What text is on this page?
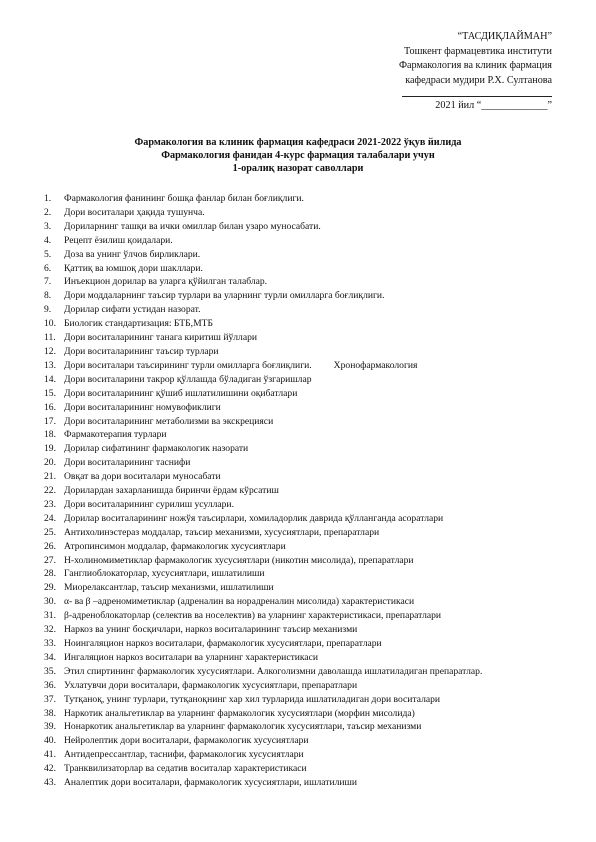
“ТАСДИҚЛАЙМАН”
Тошкент фармацевтика институти
Фармакология ва клиник фармация
кафедраси мудири Р.Х. Султанова
2021 йил “_____________”
Фармакология ва клиник фармация кафедраси 2021-2022 ўқув йилида
Фармакология фанидан 4-курс фармация талабалари учун
1-оралиқ назорат саволлари
1.	Фармакология фанининг бошқа фанлар билан боғлиқлиги.
2.	Дори воситалари ҳақида тушунча.
3.	Дориларнинг ташқи ва ички омиллар билан узаро муносабати.
4.	Рецепт ёзилиш қоидалари.
5.	Доза ва унинг ўлчов бирликлари.
6.	Қаттиқ ва юмшоқ дори шакллари.
7.	Инъекцион дорилар ва уларга қўйилган талаблар.
8.	Дори моддаларнинг таъсир турлари ва уларнинг турли омилларга боғлиқлиги.
9.	Дорилар сифати устидан назорат.
10. Биологик стандартизация: БТБ,МТБ
11. Дори воситаларининг танага киритиш йўллари
12. Дори воситаларининг таъсир турлари
13. Дори воситалари таъсирининг турли омилларга боғлиқлиги. Хронофармакология
14. Дори воситаларини такрор қўллашда бўладиган ўзгаришлар
15. Дори воситаларининг қўшиб ишлатилишини оқибатлари
16. Дори воситаларининг номувофиклиги
17. Дори воситаларининг метаболизми ва экскрецияси
18. Фармакотерапия турлари
19. Дорилар сифатининг фармакологик назорати
20. Дори воситаларининг таснифи
21. Овқат ва дори воситалари муносабати
22. Дорилардан захарланишда биринчи ёрдам кўрсатиш
23. Дори воситаларининг сурилиш усуллари.
24. Дорилар воситаларининг ножўя таъсирлари, хомиладорлик даврида қўлланганда асоратлари
25. Антихолинэстераз моддалар, таъсир механизми, хусусиятлари, препаратлари
26. Атропинсимон моддалар, фармакологик хусусиятлари
27. Н-холиномиметиклар фармакологик хусусиятлари (никотин мисолида), препаратлари
28. Ганглиоблокаторлар, хусусиятлари, ишлатилиши
29. Миорелаксантлар, таъсир механизми, ишлатилиши
30. α- ва β –адреномиметиклар (адреналин ва норадреналин мисолида) характеристикаси
31. β-адреноблокаторлар (селектив ва носелектив) ва уларнинг характеристикаси, препаратлари
32. Наркоз ва унинг босқичлари, наркоз воситаларининг таъсир механизми
33. Ноингаляцион наркоз воситалари, фармакологик хусусиятлари, препаратлари
34. Ингаляцион наркоз воситалари ва уларнинг характеристикаси
35. Этил спиртининг фармакологик хусусиятлари. Алкоголизмни даволашда ишлатиладиган препаратлар.
36. Ухлатувчи дори воситалари, фармакологик хусусиятлари, препаратлари
37. Тутқаноқ, унинг турлари, тутқаноқнинг хар хил турларида ишлатиладиган дори воситалари
38. Наркотик анальгетиклар ва уларнинг фармакологик хусусиятлари (морфин мисолида)
39. Нонаркотик анальгетиклар ва уларнинг фармакологик хусусиятлари, таъсир механизми
40. Нейролептик дори воситалари, фармакологик хусусиятлари
41. Антидепрессантлар, таснифи, фармакологик хусусиятлари
42. Транквилизаторлар ва седатив воситалар характеристикаси
43. Аналептик дори воситалари, фармакологик хусусиятлари, ишлатилиши
